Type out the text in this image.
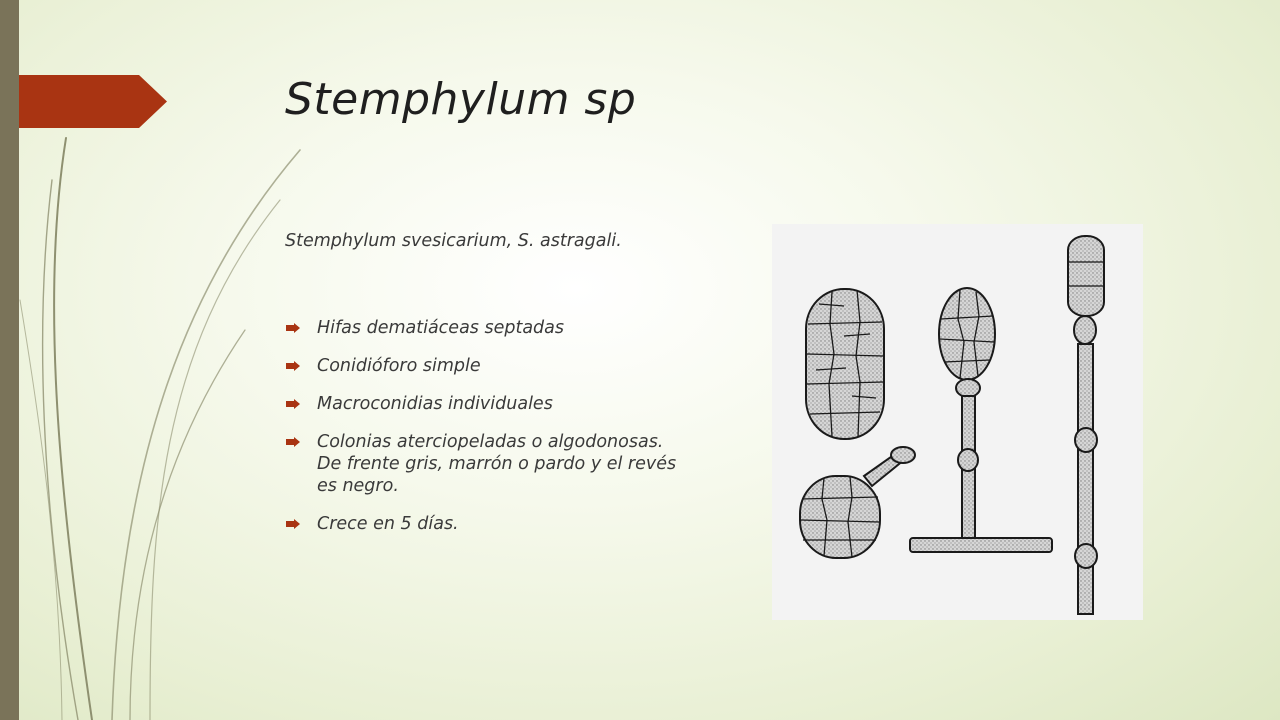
Stemphylum sp

Stemphylum svesicarium, S. astragali.

Hifas dematiáceas septadas
Conidióforo simple
Macroconidias individuales
Colonias aterciopeladas o algodonosas. De frente gris, marrón o pardo y el revés es negro.
Crece en 5 días.
